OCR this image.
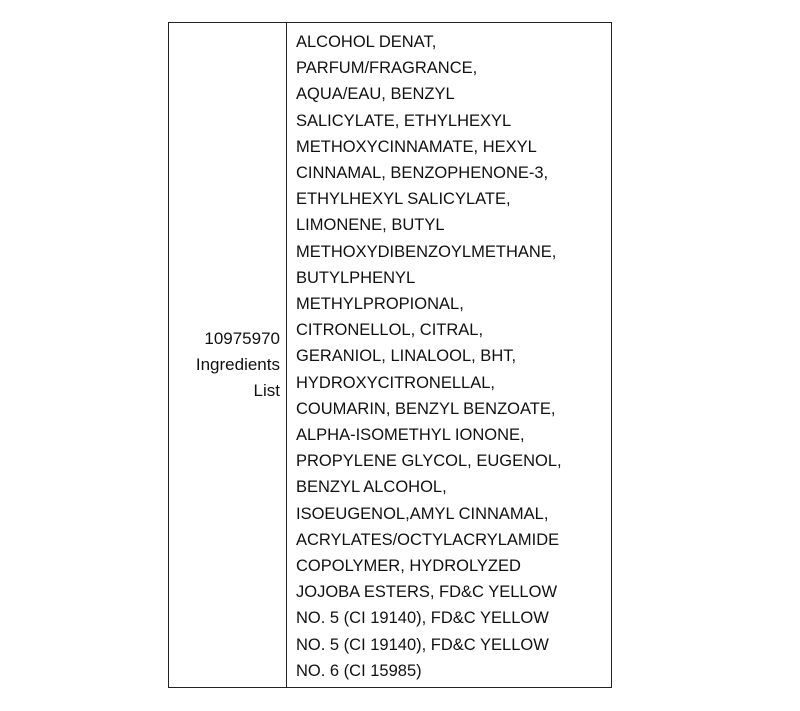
10975970
Ingredients
List
ALCOHOL DENAT,
PARFUM/FRAGRANCE,
AQUA/EAU, BENZYL
SALICYLATE, ETHYLHEXYL
METHOXYCINNAMATE, HEXYL
CINNAMAL, BENZOPHENONE-3,
ETHYLHEXYL SALICYLATE,
LIMONENE, BUTYL
METHOXYDIBENZOYLMETHANE,
BUTYLPHENYL
METHYLPROPIONAL,
CITRONELLOL, CITRAL,
GERANIOL, LINALOOL, BHT,
HYDROXYCITRONELLAL,
COUMARIN, BENZYL BENZOATE,
ALPHA-ISOMETHYL IONONE,
PROPYLENE GLYCOL, EUGENOL,
BENZYL ALCOHOL,
ISOEUGENOL,AMYL CINNAMAL,
ACRYLATES/OCTYLACRYLAMIDE
COPOLYMER, HYDROLYZED
JOJOBA ESTERS, FD&C YELLOW
NO. 5 (CI 19140), FD&C YELLOW
NO. 5 (CI 19140), FD&C YELLOW
NO. 6 (CI 15985)
